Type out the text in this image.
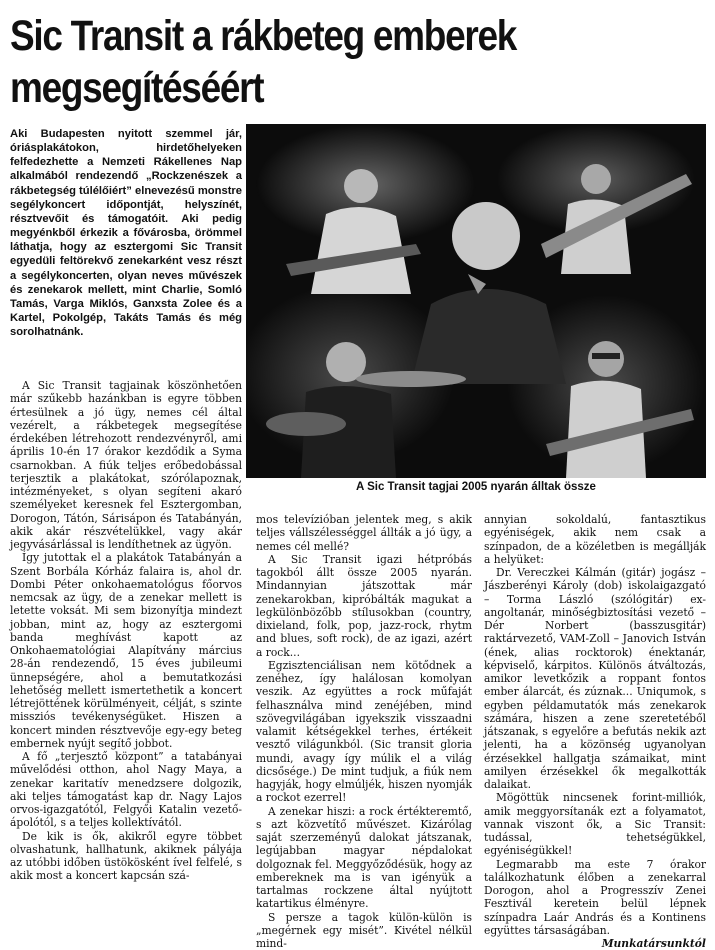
Sic Transit a rákbeteg emberek
megsegítéséért

Aki Budapesten nyitott szemmel jár, óriásplakátokon, hirdetőhelyeken felfedezhette a Nemzeti Rákellenes Nap alkalmából rendezendő „Rockzenészek a rákbetegség túlélőiért” elnevezésű monstre segélykoncert időpontját, helyszínét, résztvevőit és támogatóit. Aki pedig megyénkből érkezik a fővárosba, örömmel láthatja, hogy az esztergomi Sic Transit egyedüli feltörekvő zenekarként vesz részt a segélykoncerten, olyan neves művészek és zenekarok mellett, mint Charlie, Somló Tamás, Varga Miklós, Ganxsta Zolee és a Kartel, Pokolgép, Takáts Tamás és még sorolhatnánk.

A Sic Transit tagjai 2005 nyarán álltak össze

A Sic Transit tagjainak köszönhetően már szűkebb hazánkban is egyre többen értesülnek a jó ügy, nemes cél által vezérelt, a rákbetegek megsegítése érdekében létrehozott rendezvényről, ami április 10-én 17 órakor kezdődik a Syma csarnokban. A fiúk teljes erőbedobással terjesztik a plakátokat, szórólapoznak, intézményeket, s olyan segíteni akaró személyeket keresnek fel Esztergomban, Dorogon, Tátón, Sárisápon és Tatabányán, akik akár részvételükkel, vagy akár jegyvásárlással is lendíthetnek az ügyön.

Így jutottak el a plakátok Tatabányán a Szent Borbála Kórház falaira is, ahol dr. Dombi Péter onkohaematológus főorvos nemcsak az ügy, de a zenekar mellett is letette voksát. Mi sem bizonyítja mindezt jobban, mint az, hogy az esztergomi banda meghívást kapott az Onkohaematológiai Alapítvány március 28-án rendezendő, 15 éves jubileumi ünnepségére, ahol a bemutatkozási lehetőség mellett ismertethetik a koncert létrejöttének körülményeit, célját, s szinte missziós tevékenységüket. Hiszen a koncert minden résztvevője egy-egy beteg embernek nyújt segítő jobbot.

A fő „terjesztő központ” a tatabányai művelődési otthon, ahol Nagy Maya, a zenekar karitatív menedzsere dolgozik, aki teljes támogatást kap dr. Nagy Lajos orvos-igazgatótól, Felgyői Katalin vezető-ápolótól, s a teljes kollektívától.

De kik is ők, akikről egyre többet olvashatunk, hallhatunk, akiknek pályája az utóbbi időben üstökösként ível felfelé, s akik most a koncert kapcsán szá-

mos televízióban jelentek meg, s akik teljes vállszélességgel állták a jó ügy, a nemes cél mellé?

A Sic Transit igazi hétpróbás tagokból állt össze 2005 nyarán. Mindannyian játszottak már zenekarokban, kipróbálták magukat a legkülönbözőbb stílusokban (country, dixieland, folk, pop, jazz-rock, rhytm and blues, soft rock), de az igazi, azért a rock...

Egzisztenciálisan nem kötődnek a zenéhez, így halálosan komolyan veszik. Az együttes a rock műfaját felhasználva mind zenéjében, mind szövegvilágában igyekszik visszaadni valamit kétségekkel terhes, értékeit vesztő világunkból. (Sic transit gloria mundi, avagy így múlik el a világ dicsősége.) De mint tudjuk, a fiúk nem hagyják, hogy elmúljék, hiszen nyomják a rockot ezerrel!

A zenekar hiszi: a rock értékteremtő, s azt közvetítő művészet. Kizárólag saját szerzeményű dalokat játszanak, legújabban magyar népdalokat dolgoznak fel. Meggyőződésük, hogy az embereknek ma is van igényük a tartalmas rockzene által nyújtott katartikus élményre.

S persze a tagok külön-külön is „megérnek egy misét”. Kivétel nélkül mind-

annyian sokoldalú, fantasztikus egyéniségek, akik nem csak a színpadon, de a közéletben is megállják a helyüket:

Dr. Vereczkei Kálmán (gitár) jogász – Jászberényi Károly (dob) iskolaigazgató – Torma László (szólógitár) ex-angoltanár, minőségbiztosítási vezető – Dér Norbert (basszusgitár) raktárvezető, VAM-Zoll – Janovich István (ének, alias rocktorok) énektanár, képviselő, kárpitos. Különös átváltozás, amikor levetkőzik a roppant fontos ember álarcát, és zúznak... Uniqumok, s egyben példamutatók más zenekarok számára, hiszen a zene szeretetéből játszanak, s egyelőre a befutás nekik azt jelenti, ha a közönség ugyanolyan érzésekkel hallgatja számaikat, mint amilyen érzésekkel ők megalkották dalaikat.

Mögöttük nincsenek forint-milliók, amik meggyorsítanák ezt a folyamatot, vannak viszont ők, a Sic Transit: tudással, tehetségükkel, egyéniségükkel!

Legmarabb ma este 7 órakor találkozhatunk élőben a zenekarral Dorogon, ahol a Progresszív Zenei Fesztivál keretein belül lépnek színpadra Laár András és a Kontinens együttes társaságában.

Munkatársunktól
